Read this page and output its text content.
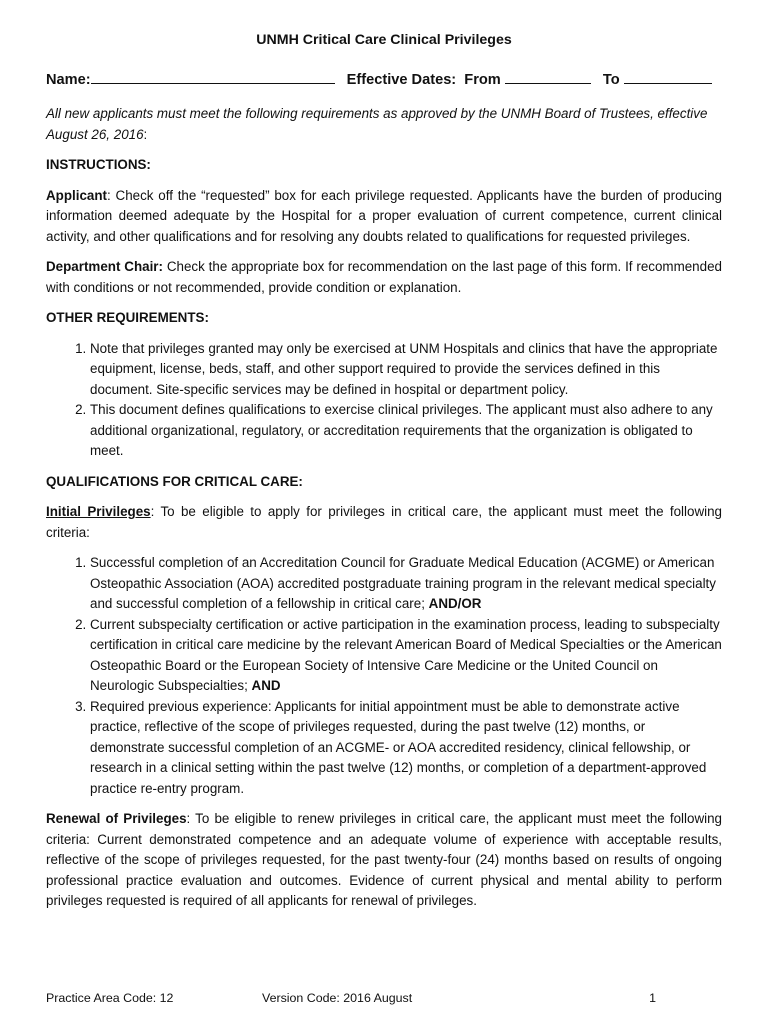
UNMH Critical Care Clinical Privileges
Name:	Effective Dates: From	To

All new applicants must meet the following requirements as approved by the UNMH Board of Trustees, effective August 26, 2016:

INSTRUCTIONS:

Applicant: Check off the “requested” box for each privilege requested. Applicants have the burden of producing information deemed adequate by the Hospital for a proper evaluation of current competence, current clinical activity, and other qualifications and for resolving any doubts related to qualifications for requested privileges.

Department Chair: Check the appropriate box for recommendation on the last page of this form. If recommended with conditions or not recommended, provide condition or explanation.

OTHER REQUIREMENTS:
1. Note that privileges granted may only be exercised at UNM Hospitals and clinics that have the appropriate equipment, license, beds, staff, and other support required to provide the services defined in this document. Site-specific services may be defined in hospital or department policy.
2. This document defines qualifications to exercise clinical privileges. The applicant must also adhere to any additional organizational, regulatory, or accreditation requirements that the organization is obligated to meet.
QUALIFICATIONS FOR CRITICAL CARE:

Initial Privileges: To be eligible to apply for privileges in critical care, the applicant must meet the following criteria:

1. Successful completion of an Accreditation Council for Graduate Medical Education (ACGME) or American Osteopathic Association (AOA) accredited postgraduate training program in the relevant medical specialty and successful completion of a fellowship in critical care; AND/OR
2. Current subspecialty certification or active participation in the examination process, leading to subspecialty certification in critical care medicine by the relevant American Board of Medical Specialties or the American Osteopathic Board or the European Society of Intensive Care Medicine or the United Council on Neurologic Subspecialties; AND
3. Required previous experience: Applicants for initial appointment must be able to demonstrate active practice, reflective of the scope of privileges requested, during the past twelve (12) months, or demonstrate successful completion of an ACGME- or AOA accredited residency, clinical fellowship, or research in a clinical setting within the past twelve (12) months, or completion of a department-approved practice re-entry program.

Renewal of Privileges: To be eligible to renew privileges in critical care, the applicant must meet the following criteria: Current demonstrated competence and an adequate volume of experience with acceptable results, reflective of the scope of privileges requested, for the past twenty-four (24) months based on results of ongoing professional practice evaluation and outcomes. Evidence of current physical and mental ability to perform privileges requested is required of all applicants for renewal of privileges.

Practice Area Code: 12	Version Code: 2016 August	1
